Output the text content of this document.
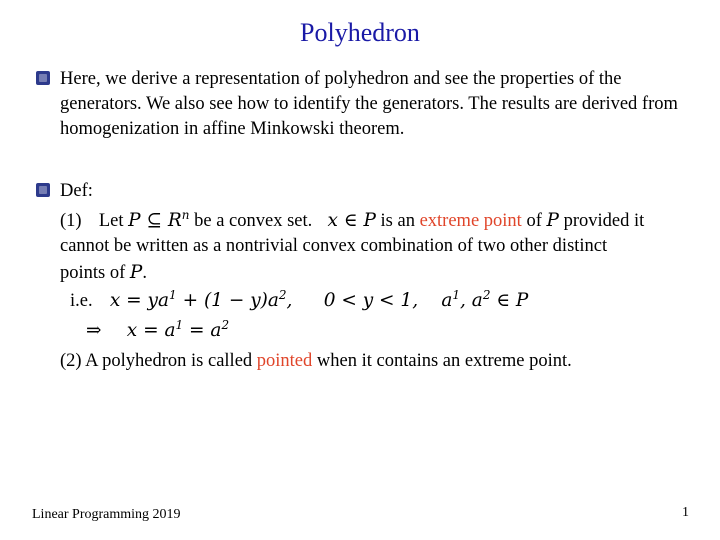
Polyhedron
Here, we derive a representation of polyhedron and see the properties of the generators. We also see how to identify the generators. The results are derived from homogenization in affine Minkowski theorem.
Def:
(1) Let P ⊆ $R^n$ be a convex set. x ∈ P is an extreme point of P provided it
cannot be written as a nontrivial convex combination of two other distinct
points of P.
i.e. $x = ya^1 + (1 - y)a^2$, 0 < y < 1, $a^1$, $a^2$ ∈ P
⇒ $x = a^1 = a^2$
(2) A polyhedron is called pointed when it contains an extreme point.
Linear Programming 2019	1
